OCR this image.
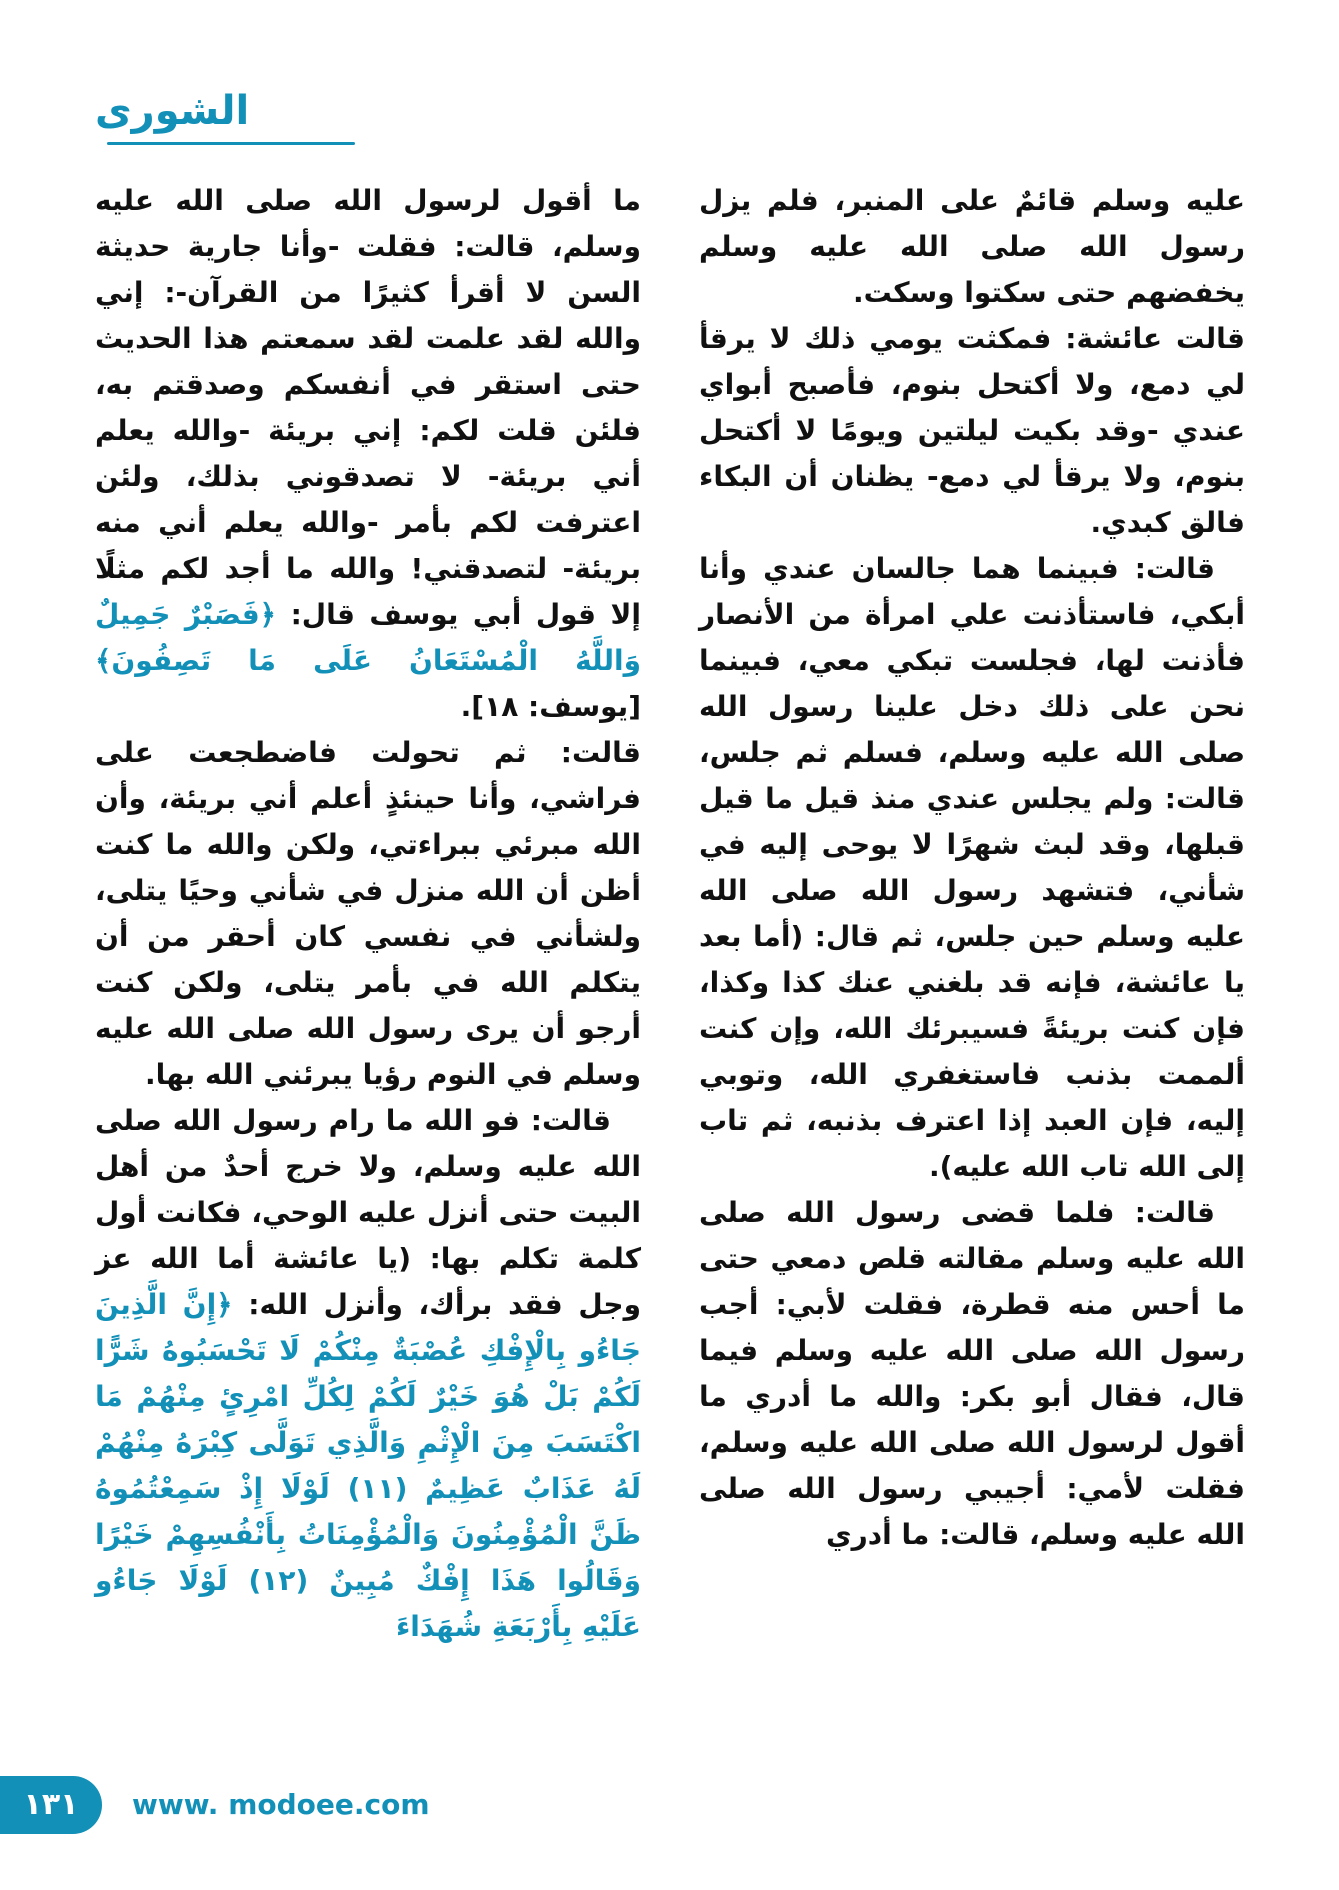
الشورى

عليه وسلم قائمٌ على المنبر، فلم يزل رسول الله صلى الله عليه وسلم يخفضهم حتى سكتوا وسكت.

قالت عائشة: فمكثت يومي ذلك لا يرقأ لي دمع، ولا أكتحل بنوم، فأصبح أبواي عندي -وقد بكيت ليلتين ويومًا لا أكتحل بنوم، ولا يرقأ لي دمع- يظنان أن البكاء فالق كبدي.

قالت: فبينما هما جالسان عندي وأنا أبكي، فاستأذنت علي امرأة من الأنصار فأذنت لها، فجلست تبكي معي، فبينما نحن على ذلك دخل علينا رسول الله صلى الله عليه وسلم، فسلم ثم جلس، قالت: ولم يجلس عندي منذ قيل ما قيل قبلها، وقد لبث شهرًا لا يوحى إليه في شأني، فتشهد رسول الله صلى الله عليه وسلم حين جلس، ثم قال: (أما بعد يا عائشة، فإنه قد بلغني عنك كذا وكذا، فإن كنت بريئةً فسيبرئك الله، وإن كنت ألممت بذنب فاستغفري الله، وتوبي إليه، فإن العبد إذا اعترف بذنبه، ثم تاب إلى الله تاب الله عليه).

قالت: فلما قضى رسول الله صلى الله عليه وسلم مقالته قلص دمعي حتى ما أحس منه قطرة، فقلت لأبي: أجب رسول الله صلى الله عليه وسلم فيما قال، فقال أبو بكر: والله ما أدري ما أقول لرسول الله صلى الله عليه وسلم، فقلت لأمي: أجيبي رسول الله صلى الله عليه وسلم، قالت: ما أدري

ما أقول لرسول الله صلى الله عليه وسلم، قالت: فقلت -وأنا جارية حديثة السن لا أقرأ كثيرًا من القرآن-: إني والله لقد علمت لقد سمعتم هذا الحديث حتى استقر في أنفسكم وصدقتم به، فلئن قلت لكم: إني بريئة -والله يعلم أني بريئة- لا تصدقوني بذلك، ولئن اعترفت لكم بأمر -والله يعلم أني منه بريئة- لتصدقني! والله ما أجد لكم مثلًا إلا قول أبي يوسف قال: ﴿فَصَبْرٌ جَمِيلٌ وَاللَّهُ الْمُسْتَعَانُ عَلَى مَا تَصِفُونَ﴾ [يوسف: ١٨].

قالت: ثم تحولت فاضطجعت على فراشي، وأنا حينئذٍ أعلم أني بريئة، وأن الله مبرئي ببراءتي، ولكن والله ما كنت أظن أن الله منزل في شأني وحيًا يتلى، ولشأني في نفسي كان أحقر من أن يتكلم الله في بأمر يتلى، ولكن كنت أرجو أن يرى رسول الله صلى الله عليه وسلم في النوم رؤيا يبرئني الله بها.

قالت: فو الله ما رام رسول الله صلى الله عليه وسلم، ولا خرج أحدٌ من أهل البيت حتى أنزل عليه الوحي، فكانت أول كلمة تكلم بها: (يا عائشة أما الله عز وجل فقد برأك، وأنزل الله: ﴿إِنَّ الَّذِينَ جَاءُو بِالْإِفْكِ عُصْبَةٌ مِنْكُمْ لَا تَحْسَبُوهُ شَرًّا لَكُمْ بَلْ هُوَ خَيْرٌ لَكُمْ لِكُلِّ امْرِئٍ مِنْهُمْ مَا اكْتَسَبَ مِنَ الْإِثْمِ وَالَّذِي تَوَلَّى كِبْرَهُ مِنْهُمْ لَهُ عَذَابٌ عَظِيمٌ (١١) لَوْلَا إِذْ سَمِعْتُمُوهُ ظَنَّ الْمُؤْمِنُونَ وَالْمُؤْمِنَاتُ بِأَنْفُسِهِمْ خَيْرًا وَقَالُوا هَذَا إِفْكٌ مُبِينٌ (١٢) لَوْلَا جَاءُو عَلَيْهِ بِأَرْبَعَةِ شُهَدَاءَ

١٣١ www. modoee.com
